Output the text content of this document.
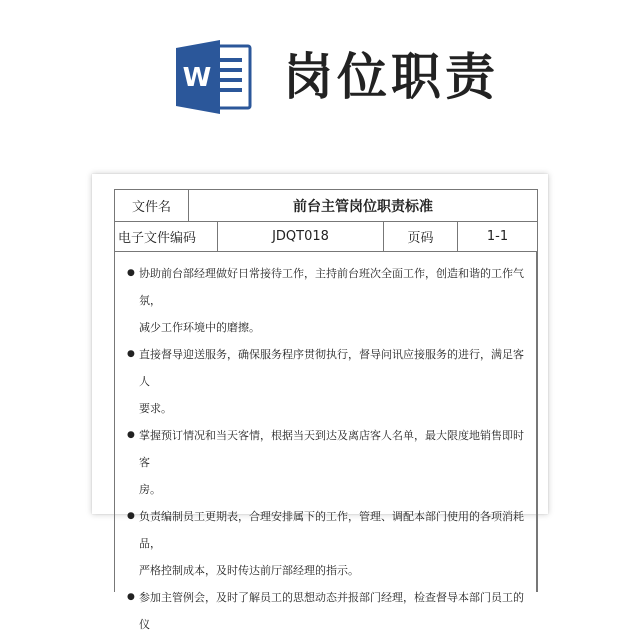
W 岗位职责
文件名	前台主管岗位职责标准
电子文件编码	JDQT018	页码	1-1
● 协助前台部经理做好日常接待工作，主持前台班次全面工作，创造和谐的工作气氛，
减少工作环境中的磨擦。
● 直接督导迎送服务，确保服务程序贯彻执行，督导问讯应接服务的进行，满足客人
要求。
● 掌握预订情况和当天客情，根据当天到达及离店客人名单，最大限度地销售即时客
房。
● 负责编制员工更期表，合理安排属下的工作，管理、调配本部门使用的各项消耗品，
严格控制成本，及时传达前厅部经理的指示。
● 参加主管例会，及时了解员工的思想动态并报部门经理，检查督导本部门员工的仪
